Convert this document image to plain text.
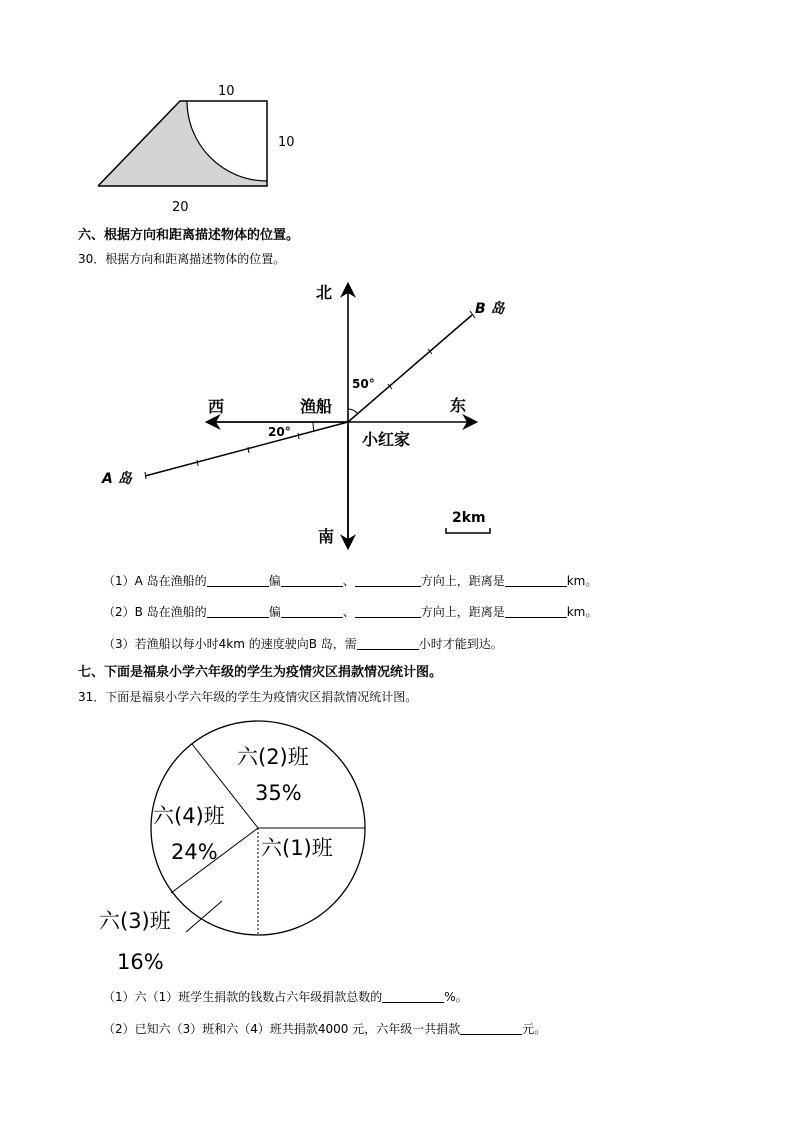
10
10
20
六、根据方向和距离描述物体的位置。
30．根据方向和距离描述物体的位置。
北
南
东
西	渔船
小红家
B 岛
A 岛
50°
20°
2km
（1）A 岛在渔船的	偏	、	方向上，距离是	km。
（2）B 岛在渔船的	偏	、	方向上，距离是	km。
（3）若渔船以每小时4km 的速度驶向B 岛，需	小时才能到达。
七、下面是福泉小学六年级的学生为疫情灾区捐款情况统计图。
31．下面是福泉小学六年级的学生为疫情灾区捐款情况统计图。
六(2)班
35%
六(4)班
24% 六(1)班
六(3)班
16%
（1）六（1）班学生捐款的钱数占六年级捐款总数的	%。
（2）已知六（3）班和六（4）班共捐款4000 元，六年级一共捐款	元。
